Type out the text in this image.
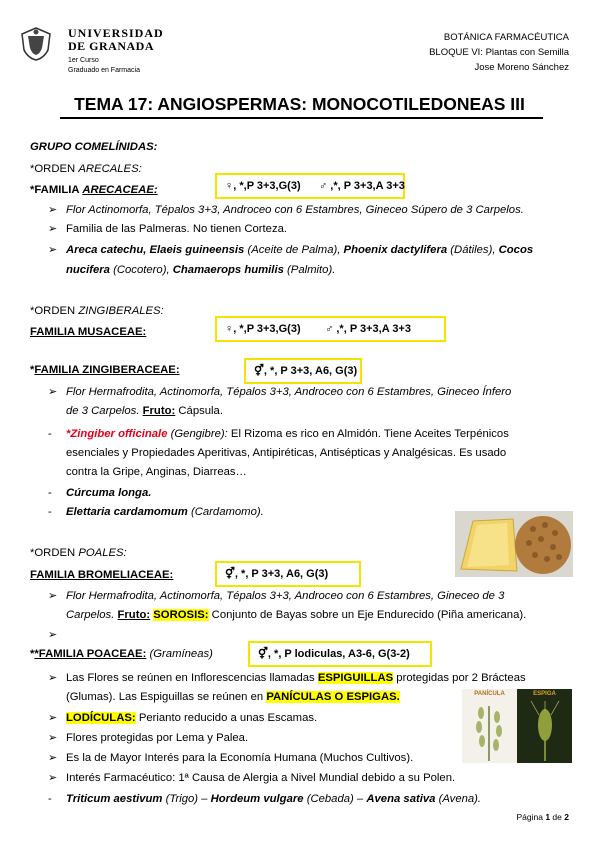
UNIVERSIDAD
DE GRANADA
1er Curso
Graduado en Farmacia
BOTÁNICA FARMACÉUTICA
BLOQUE VI: Plantas con Semilla
Jose Moreno Sánchez
TEMA 17: ANGIOSPERMAS: MONOCOTILEDONEAS III
GRUPO COMELÍNIDAS:
*ORDEN ARECALES:
*FAMILIA ARECACEAE:	♀, *,P 3+3,G(3) ♂ ,*, P 3+3,A 3+3
➢ Flor Actinomorfa, Tépalos 3+3, Androceo con 6 Estambres, Gineceo Súpero de 3 Carpelos.
➢ Familia de las Palmeras. No tienen Corteza.
➢ Areca catechu, Elaeis guineensis (Aceite de Palma), Phoenix dactylifera (Dátiles), Cocos
nucifera (Cocotero), Chamaerops humilis (Palmito).
*ORDEN ZINGIBERALES:
FAMILIA MUSACEAE:	♀, *,P 3+3,G(3) ♂ ,*, P 3+3,A 3+3
*FAMILIA ZINGIBERACEAE:	⚥, *, P 3+3, A6, G(3)
➢ Flor Hermafrodita, Actinomorfa, Tépalos 3+3, Androceo con 6 Estambres, Gineceo Ínfero
de 3 Carpelos. Fruto: Cápsula.
- *Zingiber officinale (Gengibre): El Rizoma es rico en Almidón. Tiene Aceites Terpénicos
esenciales y Propiedades Aperitivas, Antipiréticas, Antisépticas y Analgésicas. Es usado
contra la Gripe, Anginas, Diarreas…
- Cúrcuma longa.
- Elettaria cardamomum (Cardamomo).
*ORDEN POALES:
FAMILIA BROMELIACEAE:	⚥, *, P 3+3, A6, G(3)
➢ Flor Hermafrodita, Actinomorfa, Tépalos 3+3, Androceo con 6 Estambres, Gineceo de 3
Carpelos. Fruto: SOROSIS: Conjunto de Bayas sobre un Eje Endurecido (Piña americana).
➢
**FAMILIA POACEAE: (Gramíneas)	⚥, *, P lodiculas, A3-6, G(3-2)
➢ Las Flores se reúnen en Inflorescencias llamadas ESPIGUILLAS protegidas por 2 Brácteas
(Glumas). Las Espiguillas se reúnen en PANÍCULAS O ESPIGAS.
➢ LODÍCULAS: Perianto reducido a unas Escamas.
➢ Flores protegidas por Lema y Palea.
➢ Es la de Mayor Interés para la Economía Humana (Muchos Cultivos).
➢ Interés Farmacéutico: 1ª Causa de Alergia a Nivel Mundial debido a su Polen.
- Triticum aestivum (Trigo) – Hordeum vulgare (Cebada) – Avena sativa (Avena).
PANÍCULA	ESPIGA
Página 1 de 2
